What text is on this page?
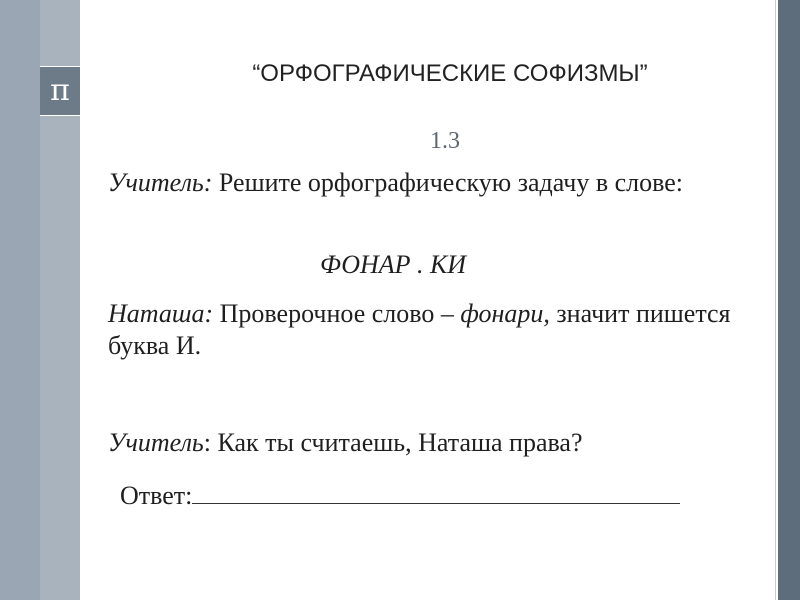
π	“ОРФОГРАФИЧЕСКИЕ СОФИЗМЫ”
1.3
Учитель: Решите орфографическую задачу в слове:
ФОНАР . КИ
Наташа: Проверочное слово – фонари, значит пишется буква И.
Учитель: Как ты считаешь, Наташа права?
Ответ:
